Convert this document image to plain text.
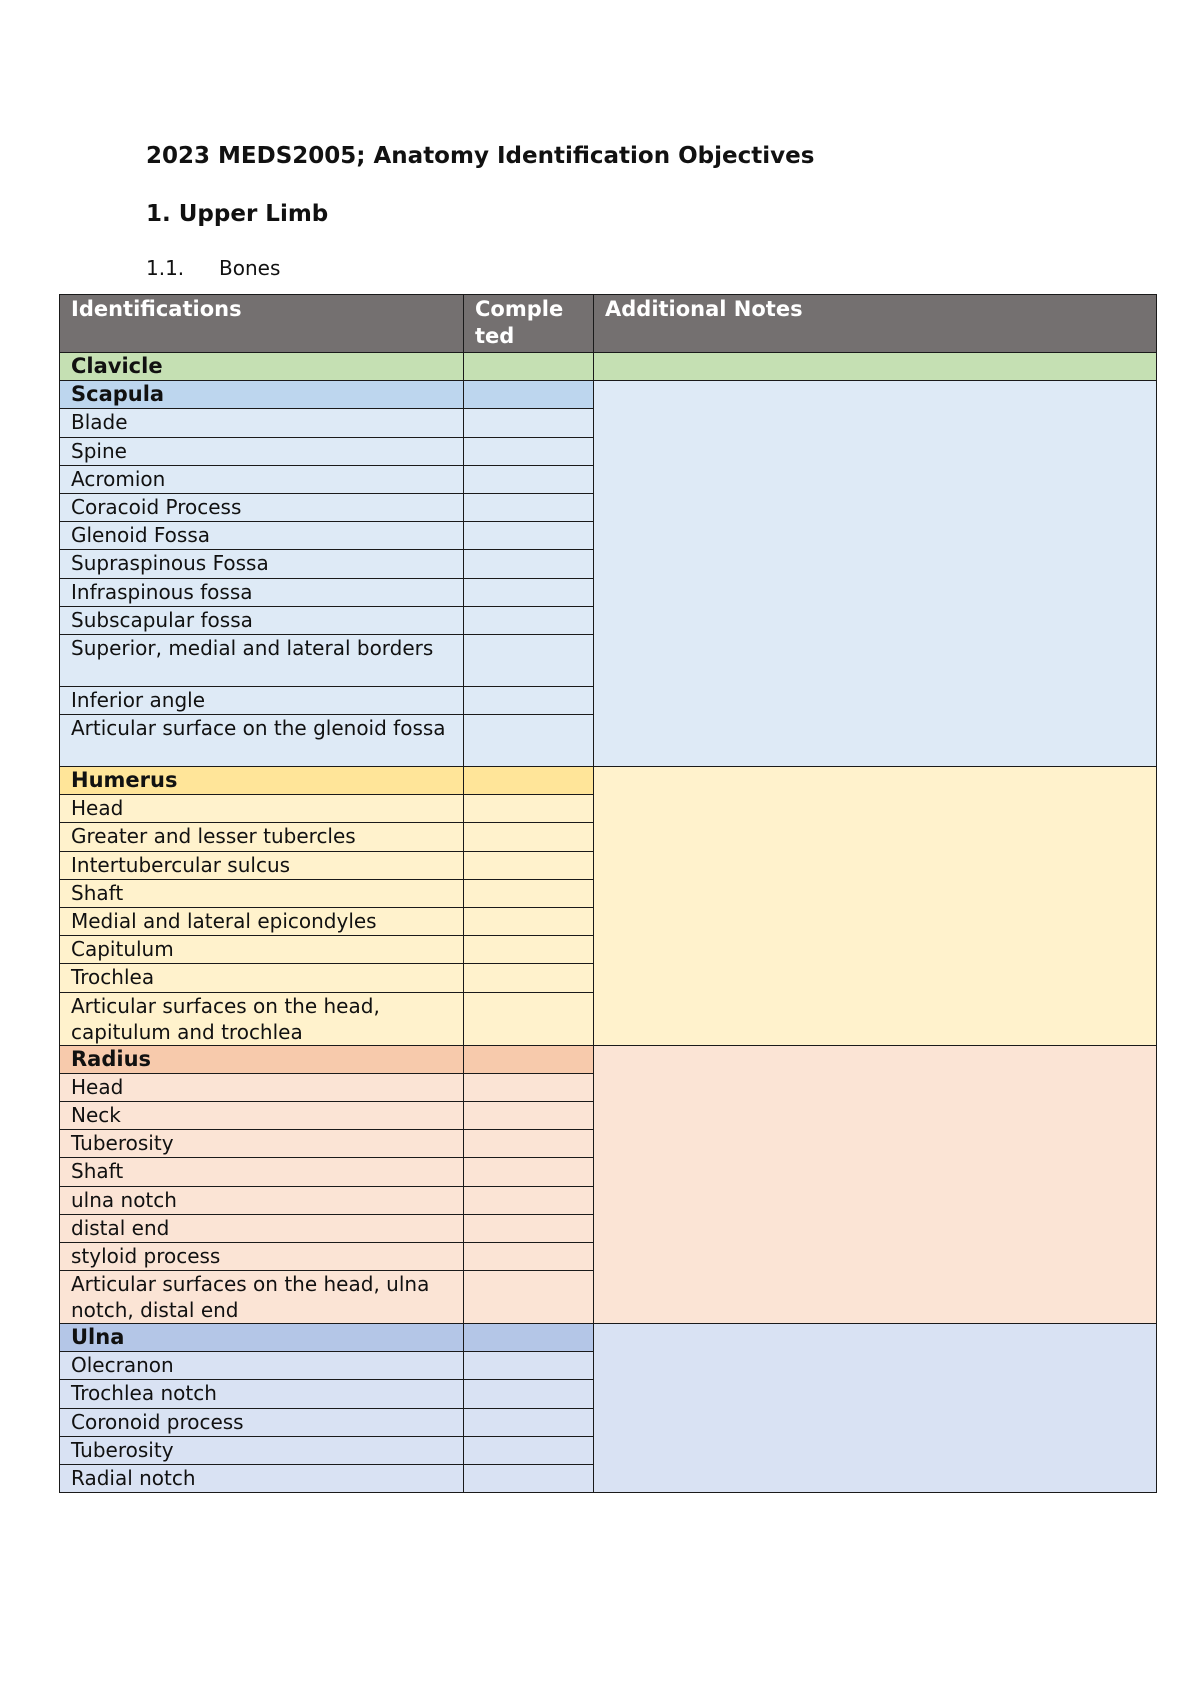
2023 MEDS2005; Anatomy Identification Objectives
1. Upper Limb
1.1. Bones
Identifications	Comple ted	Additional Notes
Clavicle		
Scapula		
Blade		
Spine		
Acromion		
Coracoid Process		
Glenoid Fossa		
Supraspinous Fossa		
Infraspinous fossa		
Subscapular fossa		
Superior, medial and lateral borders		
Inferior angle		
Articular surface on the glenoid fossa		
Humerus		
Head		
Greater and lesser tubercles		
Intertubercular sulcus		
Shaft		
Medial and lateral epicondyles		
Capitulum		
Trochlea		
Articular surfaces on the head, capitulum and trochlea		
Radius		
Head		
Neck		
Tuberosity		
Shaft		
ulna notch		
distal end		
styloid process		
Articular surfaces on the head, ulna notch, distal end		
Ulna		
Olecranon		
Trochlea notch		
Coronoid process		
Tuberosity		
Radial notch		
